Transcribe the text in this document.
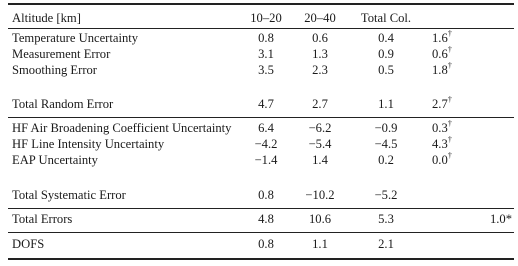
Altitude [km]	10–20	20–40	Total Col.
Temperature Uncertainty	0.8	0.6	0.4	1.6†
Measurement Error	3.1	1.3	0.9	0.6†
Smoothing Error	3.5	2.3	0.5	1.8†
Total Random Error	4.7	2.7	1.1	2.7†
HF Air Broadening Coefficient Uncertainty	6.4	−6.2	−0.9	0.3†
HF Line Intensity Uncertainty	−4.2	−5.4	−4.5	4.3†
EAP Uncertainty	−1.4	1.4	0.2	0.0†
Total Systematic Error	0.8	−10.2	−5.2
Total Errors	4.8	10.6	5.3	1.0*
DOFS	0.8	1.1	2.1
